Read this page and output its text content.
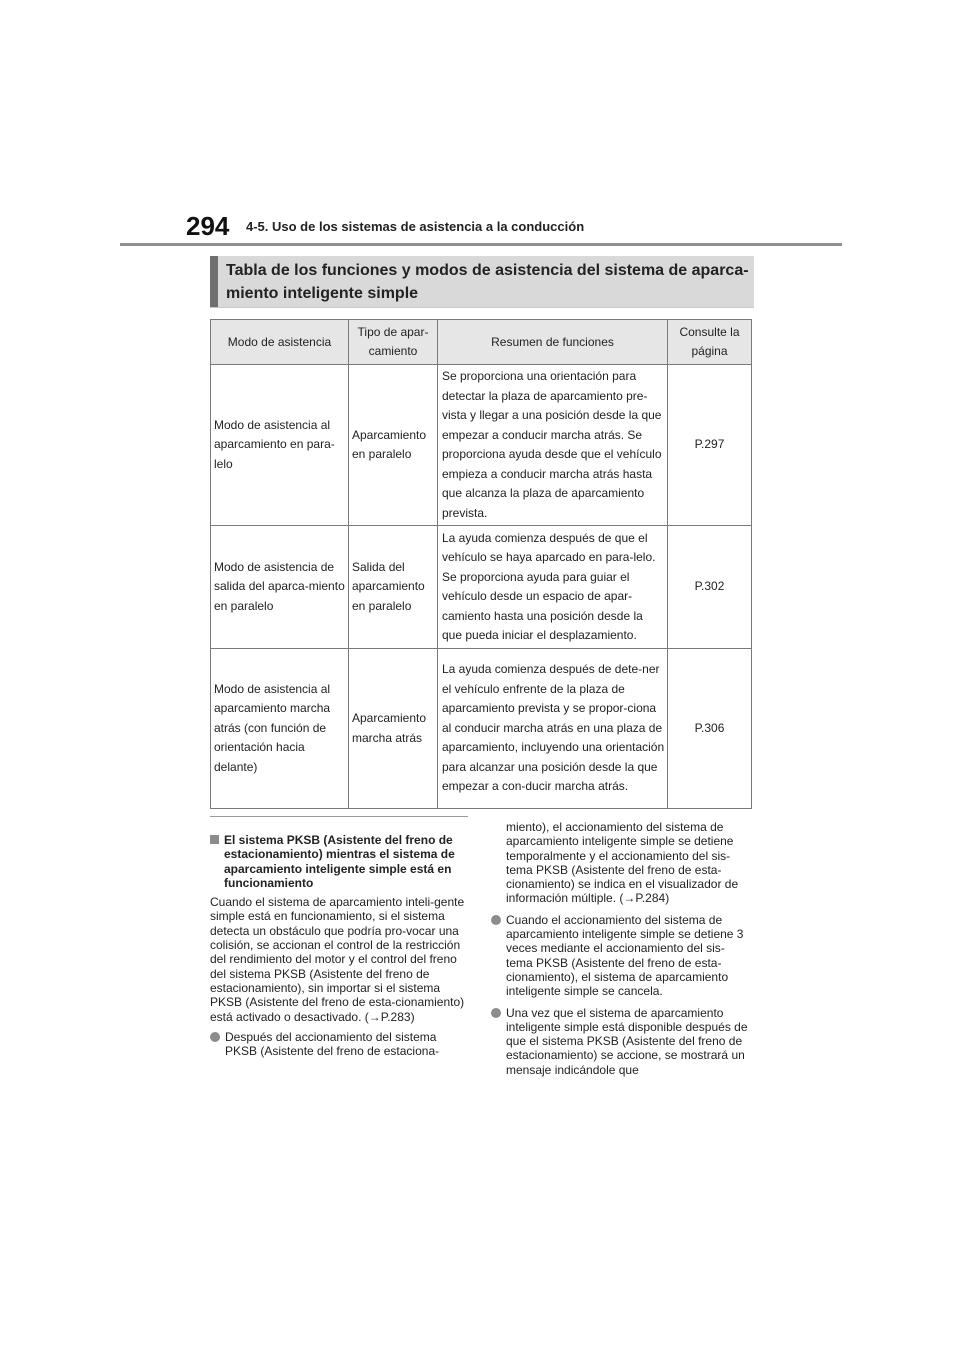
294 4-5. Uso de los sistemas de asistencia a la conducción
Tabla de los funciones y modos de asistencia del sistema de aparca-miento inteligente simple
Modo de asistencia	Tipo de apar-camiento	Resumen de funciones	Consulte la página
Modo de asistencia al aparcamiento en para-lelo	Aparcamiento en paralelo	Se proporciona una orientación para detectar la plaza de aparcamiento pre-vista y llegar a una posición desde la que empezar a conducir marcha atrás. Se proporciona ayuda desde que el vehículo empieza a conducir marcha atrás hasta que alcanza la plaza de aparcamiento prevista.	P.297
Modo de asistencia de salida del aparca-miento en paralelo	Salida del aparcamiento en paralelo	La ayuda comienza después de que el vehículo se haya aparcado en para-lelo. Se proporciona ayuda para guiar el vehículo desde un espacio de apar-camiento hasta una posición desde la que pueda iniciar el desplazamiento.	P.302
Modo de asistencia al aparcamiento marcha atrás (con función de orientación hacia delante)	Aparcamiento marcha atrás	La ayuda comienza después de dete-ner el vehículo enfrente de la plaza de aparcamiento prevista y se propor-ciona al conducir marcha atrás en una plaza de aparcamiento, incluyendo una orientación para alcanzar una posición desde la que empezar a con-ducir marcha atrás.	P.306
El sistema PKSB (Asistente del freno de estacionamiento) mientras el sistema de aparcamiento inteligente simple está en funcionamiento

Cuando el sistema de aparcamiento inteli-gente simple está en funcionamiento, si el sistema detecta un obstáculo que podría pro-vocar una colisión, se accionan el control de la restricción del rendimiento del motor y el control del freno del sistema PKSB (Asistente del freno de estacionamiento), sin importar si el sistema PKSB (Asistente del freno de esta-cionamiento) está activado o desactivado. (→P.283)

Después del accionamiento del sistema PKSB (Asistente del freno de estaciona-
miento), el accionamiento del sistema de aparcamiento inteligente simple se detiene temporalmente y el accionamiento del sis-tema PKSB (Asistente del freno de esta-cionamiento) se indica en el visualizador de información múltiple. (→P.284)
Cuando el accionamiento del sistema de aparcamiento inteligente simple se detiene 3 veces mediante el accionamiento del sis-tema PKSB (Asistente del freno de esta-cionamiento), el sistema de aparcamiento inteligente simple se cancela.
Una vez que el sistema de aparcamiento inteligente simple está disponible después de que el sistema PKSB (Asistente del freno de estacionamiento) se accione, se mostrará un mensaje indicándole que
